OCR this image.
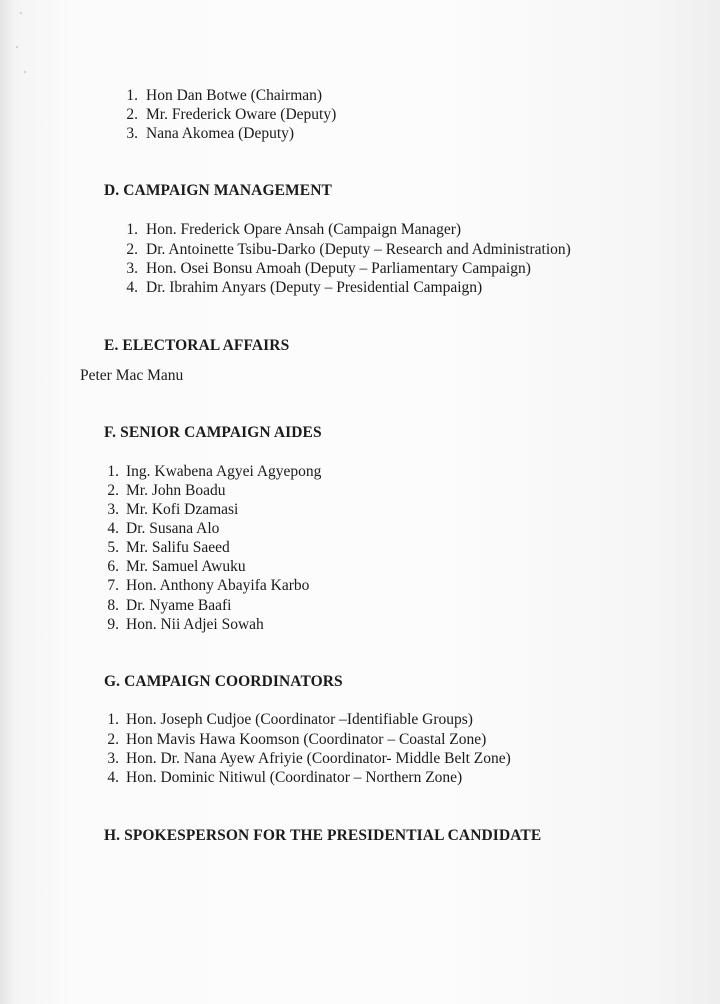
1. Hon Dan Botwe (Chairman)
2. Mr. Frederick Oware (Deputy)
3. Nana Akomea (Deputy)
D. CAMPAIGN MANAGEMENT
1. Hon. Frederick Opare Ansah (Campaign Manager)
2. Dr. Antoinette Tsibu-Darko (Deputy – Research and Administration)
3. Hon. Osei Bonsu Amoah (Deputy – Parliamentary Campaign)
4. Dr. Ibrahim Anyars (Deputy – Presidential Campaign)
E. ELECTORAL AFFAIRS
Peter Mac Manu
F. SENIOR CAMPAIGN AIDES
1. Ing. Kwabena Agyei Agyepong
2. Mr. John Boadu
3. Mr. Kofi Dzamasi
4. Dr. Susana Alo
5. Mr. Salifu Saeed
6. Mr. Samuel Awuku
7. Hon. Anthony Abayifa Karbo
8. Dr. Nyame Baafi
9. Hon. Nii Adjei Sowah
G. CAMPAIGN COORDINATORS
1. Hon. Joseph Cudjoe (Coordinator –Identifiable Groups)
2. Hon Mavis Hawa Koomson (Coordinator – Coastal Zone)
3. Hon. Dr. Nana Ayew Afriyie (Coordinator- Middle Belt Zone)
4. Hon. Dominic Nitiwul (Coordinator – Northern Zone)
H. SPOKESPERSON FOR THE PRESIDENTIAL CANDIDATE
